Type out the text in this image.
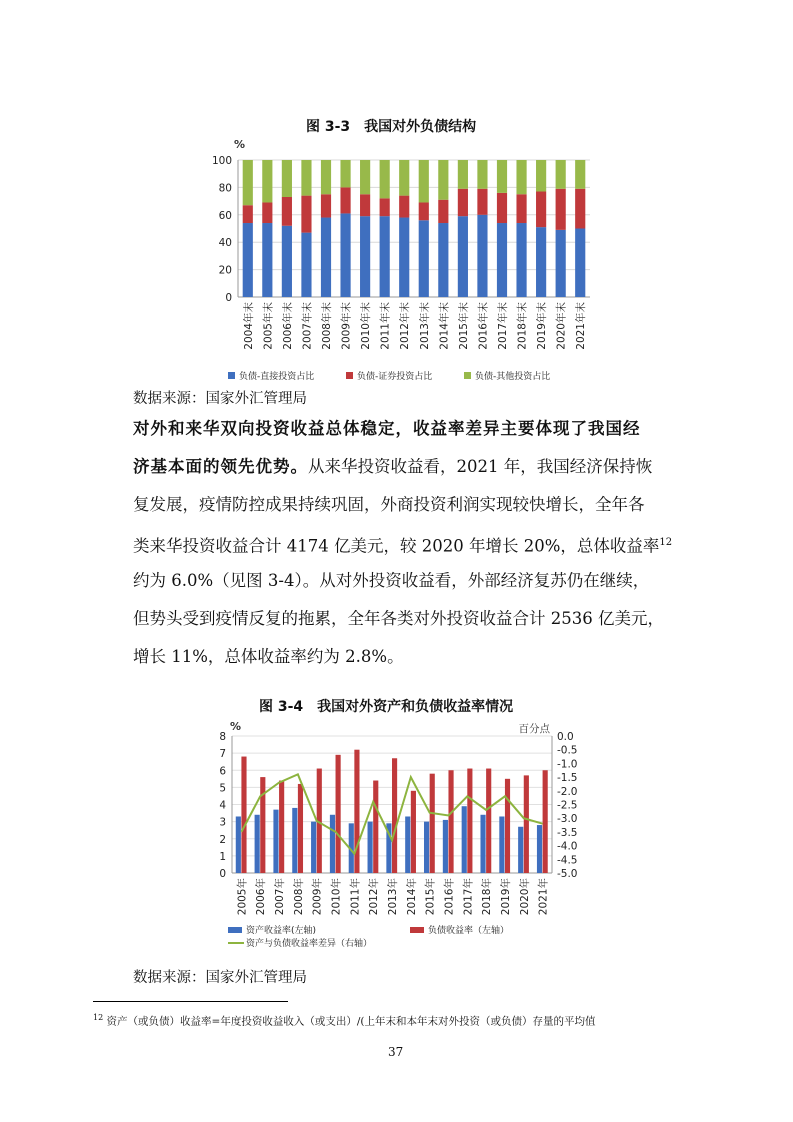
图 3-3　我国对外负债结构
%
0
20
40
60
80
100
2004年末 2005年末 2006年末 2007年末 2008年末 2009年末 2010年末 2011年末 2012年末 2013年末 2014年末 2015年末 2016年末 2017年末 2018年末 2019年末 2020年末 2021年末
负债-直接投资占比	负债-证券投资占比	负债-其他投资占比
数据来源：国家外汇管理局
对外和来华双向投资收益总体稳定，收益率差异主要体现了我国经
济基本面的领先优势。从来华投资收益看，2021 年，我国经济保持恢
复发展，疫情防控成果持续巩固，外商投资利润实现较快增长，全年各
类来华投资收益合计 4174 亿美元，较 2020 年增长 20%，总体收益率$^{12}$
约为 6.0%（见图 3-4）。从对外投资收益看，外部经济复苏仍在继续，
但势头受到疫情反复的拖累，全年各类对外投资收益合计 2536 亿美元，
增长 11%，总体收益率约为 2.8%。
图 3-4　我国对外资产和负债收益率情况
%	百分点
0
1
2
3
4
5
6
7
8	0.0
-0.5
-1.0
-1.5
-2.0
-2.5
-3.0
-3.5
-4.0
-4.5
-5.0
2005年 2006年 2007年 2008年 2009年 2010年 2011年 2012年 2013年 2014年 2015年 2016年 2017年 2018年 2019年 2020年 2021年
资产收益率(左轴)	负债收益率（左轴）
资产与负债收益率差异（右轴）
数据来源：国家外汇管理局
$^{12}$ 资产（或负债）收益率=年度投资收益收入（或支出）/(上年末和本年末对外投资（或负债）存量的平均值
37
